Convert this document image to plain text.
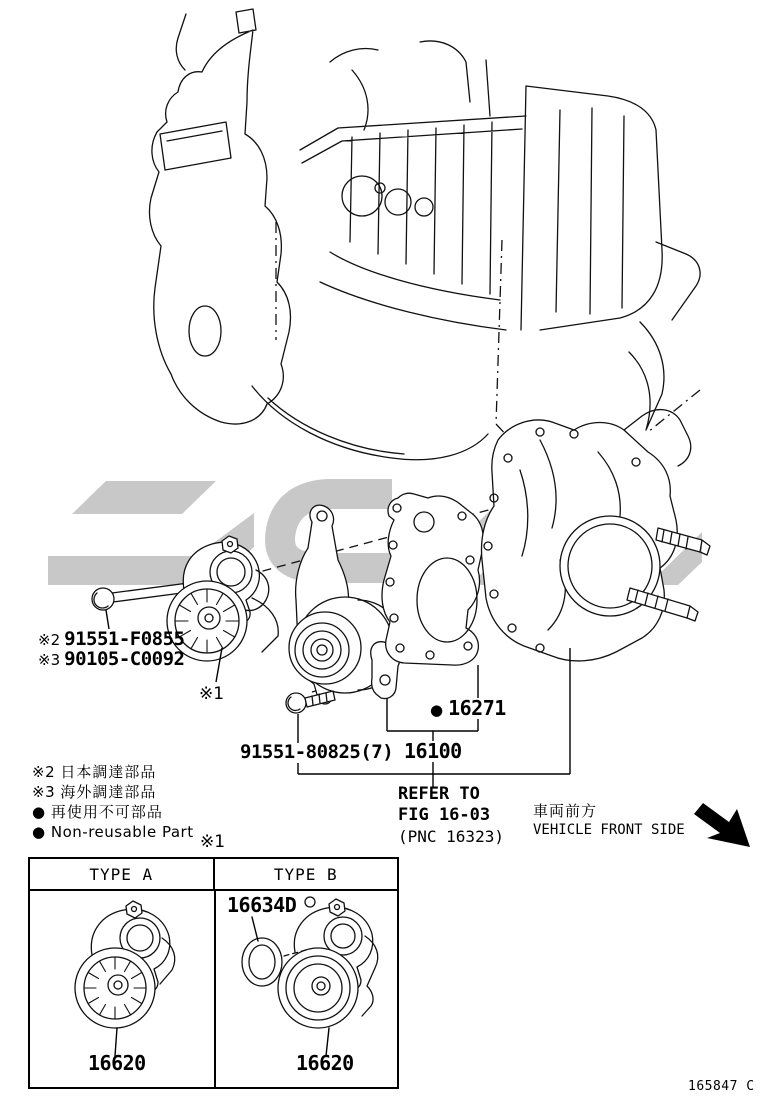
※2 91551-F0855
※3 90105-C0092
※1
● 16271
91551-80825(7) 16100
※2 日本調達部品
※3 海外調達部品
● 再使用不可部品
● Non-reusable Part
REFER TO
FIG 16-03
(PNC 16323)
車両前方
VEHICLE FRONT SIDE
※1
TYPE A	TYPE B
16634D
16620	16620
165847 C
